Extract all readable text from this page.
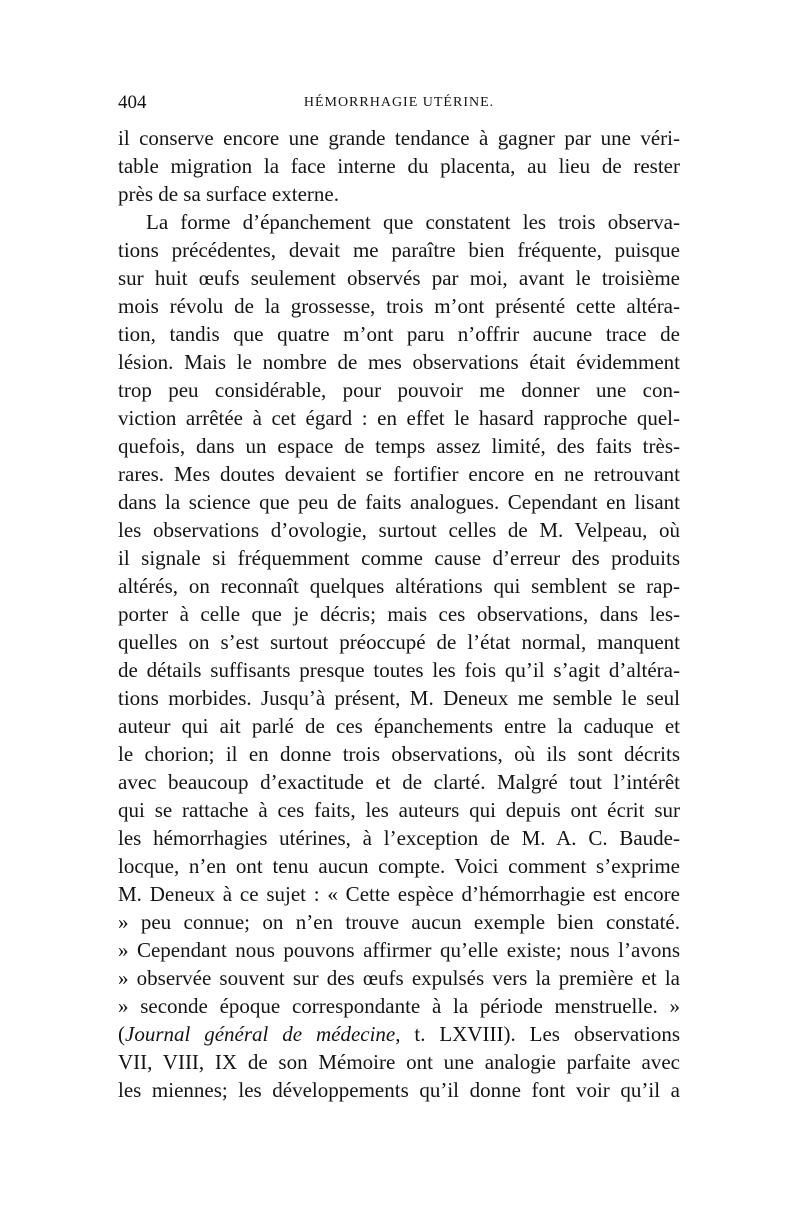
404	HÉMORRHAGIE UTÉRINE.
il conserve encore une grande tendance à gagner par une véri-
table migration la face interne du placenta, au lieu de rester
près de sa surface externe.
La forme d’épanchement que constatent les trois observa-
tions précédentes, devait me paraître bien fréquente, puisque
sur huit œufs seulement observés par moi, avant le troisième
mois révolu de la grossesse, trois m’ont présenté cette altéra-
tion, tandis que quatre m’ont paru n’offrir aucune trace de
lésion. Mais le nombre de mes observations était évidemment
trop peu considérable, pour pouvoir me donner une con-
viction arrêtée à cet égard : en effet le hasard rapproche quel-
quefois, dans un espace de temps assez limité, des faits très-
rares. Mes doutes devaient se fortifier encore en ne retrouvant
dans la science que peu de faits analogues. Cependant en lisant
les observations d’ovologie, surtout celles de M. Velpeau, où
il signale si fréquemment comme cause d’erreur des produits
altérés, on reconnaît quelques altérations qui semblent se rap-
porter à celle que je décris; mais ces observations, dans les-
quelles on s’est surtout préoccupé de l’état normal, manquent
de détails suffisants presque toutes les fois qu’il s’agit d’altéra-
tions morbides. Jusqu’à présent, M. Deneux me semble le seul
auteur qui ait parlé de ces épanchements entre la caduque et
le chorion; il en donne trois observations, où ils sont décrits
avec beaucoup d’exactitude et de clarté. Malgré tout l’intérêt
qui se rattache à ces faits, les auteurs qui depuis ont écrit sur
les hémorrhagies utérines, à l’exception de M. A. C. Baude-
locque, n’en ont tenu aucun compte. Voici comment s’exprime
M. Deneux à ce sujet : « Cette espèce d’hémorrhagie est encore
» peu connue; on n’en trouve aucun exemple bien constaté.
» Cependant nous pouvons affirmer qu’elle existe; nous l’avons
» observée souvent sur des œufs expulsés vers la première et la
» seconde époque correspondante à la période menstruelle. »
(Journal général de médecine, t. LXVIII). Les observations
VII, VIII, IX de son Mémoire ont une analogie parfaite avec
les miennes; les développements qu’il donne font voir qu’il a
